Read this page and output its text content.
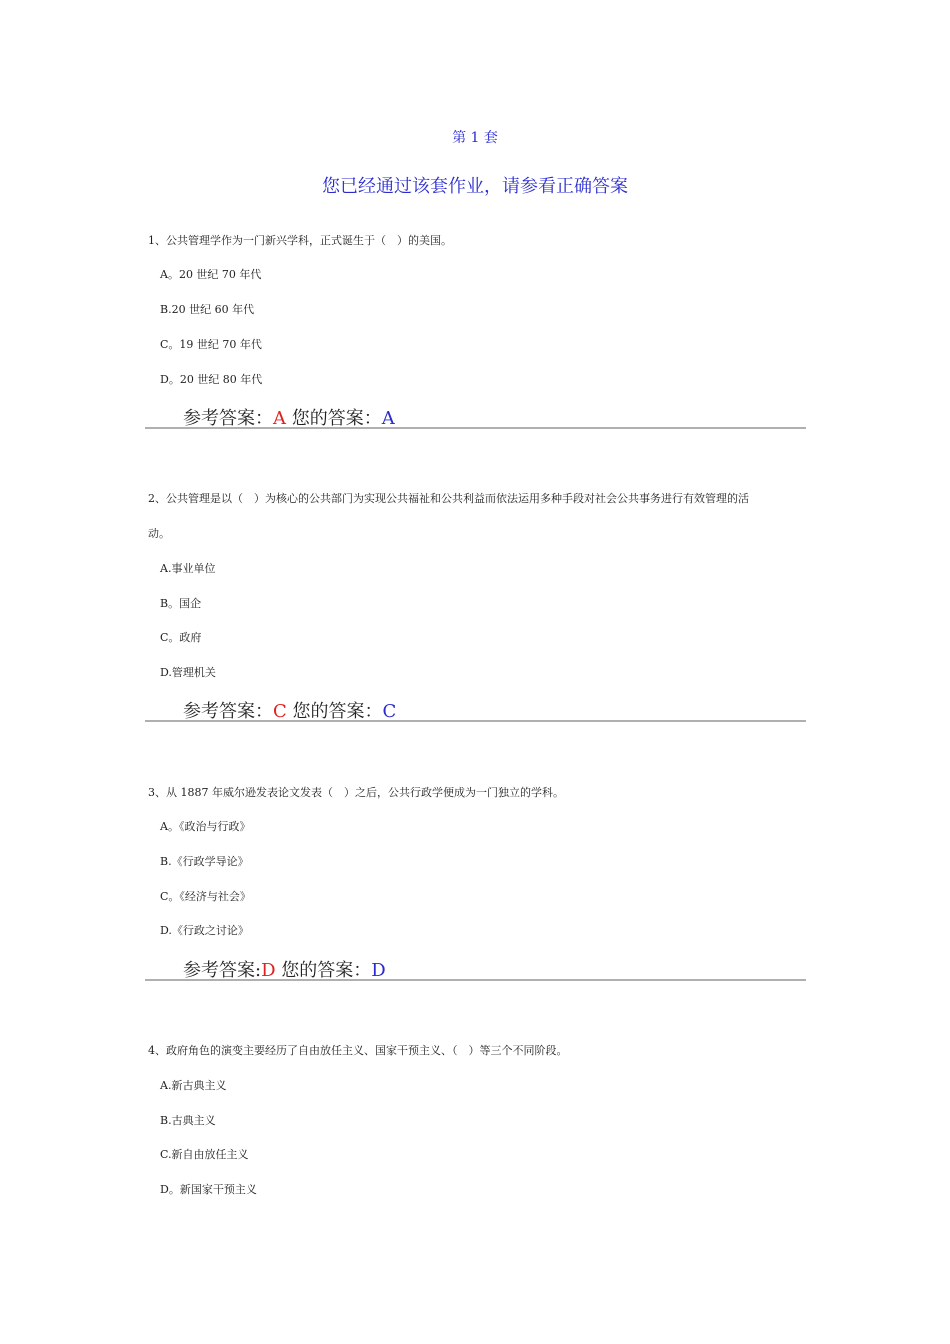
第 1 套
您已经通过该套作业，请参看正确答案
1、公共管理学作为一门新兴学科，正式诞生于（　）的美国。
A。20 世纪 70 年代
B.20 世纪 60 年代
C。19 世纪 70 年代
D。20 世纪 80 年代
参考答案：A 您的答案：A
2、公共管理是以（　）为核心的公共部门为实现公共福祉和公共利益而依法运用多种手段对社会公共事务进行有效管理的活
动。
A.事业单位
B。国企
C。政府
D.管理机关
参考答案：C 您的答案：C
3、从 1887 年威尔逊发表论文发表（　）之后，公共行政学便成为一门独立的学科。
A。《政治与行政》
B.《行政学导论》
C。《经济与社会》
D.《行政之讨论》
参考答案:D 您的答案：D
4、政府角色的演变主要经历了自由放任主义、国家干预主义、（　）等三个不同阶段。
A.新古典主义
B.古典主义
C.新自由放任主义
D。新国家干预主义
